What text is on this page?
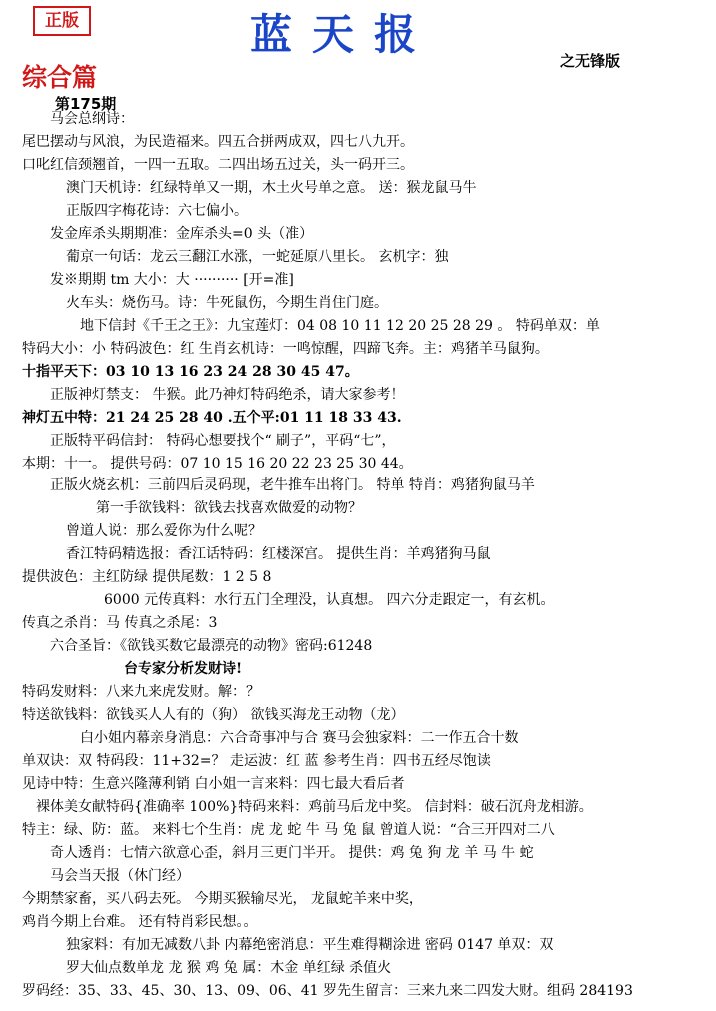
正版	蓝天报
之无锋版
综合篇
第175期
马会总纲诗：
尾巴摆动与风浪，为民造福来。四五合拼两成双，四七八九开。
口叱红信颈翘首，一四一五取。二四出场五过关，头一码开三。
澳门天机诗：红绿特单又一期，木土火号单之意。 送：猴龙鼠马牛
正版四字梅花诗：六七偏小。
发金库杀头期期准：金库杀头=0 头（准）
葡京一句话：龙云三翻江水涨，一蛇延原八里长。 玄机字：独
发※期期 tm 大小：大 ·········· [开=准]
火车头：烧伤马。诗：牛死鼠伤，今期生肖住门庭。
地下信封《千王之王》：九宝莲灯：04 08 10 11 12 20 25 28 29 。 特码单双：单
特码大小：小 特码波色：红 生肖玄机诗：一鸣惊醒，四蹄飞奔。主：鸡猪羊马鼠狗。
十指平天下：03 10 13 16 23 24 28 30 45 47。
正版神灯禁支： 牛猴。此乃神灯特码绝杀，请大家参考！
神灯五中特：21 24 25 28 40 .五个平:01 11 18 33 43.
正版特平码信封： 特码心想要找个“ 刷子”，平码“七”，
本期：十一。 提供号码：07 10 15 16 20 22 23 25 30 44。
正版火烧玄机：三前四后灵码现，老牛推车出将门。 特单 特肖：鸡猪狗鼠马羊
第一手欲钱料：欲钱去找喜欢做爱的动物？
曾道人说：那么爱你为什么呢？
香江特码精选报：香江话特码：红楼深宫。 提供生肖：羊鸡猪狗马鼠
提供波色：主红防绿 提供尾数：1 2 5 8
6000 元传真料：水行五门全理没，认真想。 四六分走跟定一，有玄机。
传真之杀肖：马 传真之杀尾：3
六合圣旨：《欲钱买数它最漂亮的动物》密码:61248
台专家分析发财诗!
特码发财料：八来九来虎发财。解：？
特送欲钱料：欲钱买人人有的（狗） 欲钱买海龙王动物（龙）
白小姐内幕亲身消息：六合奇事冲与合 赛马会独家料：二一作五合十数
单双诀：双 特码段：11+32=？ 走运波：红 蓝 参考生肖：四书五经尽饱读
见诗中特：生意兴隆薄利销 白小姐一言来料：四七最大看后者
裸体美女献特码{准确率 100%}特码来料：鸡前马后龙中奖。 信封料：破石沉舟龙相游。
特主：绿、防：蓝。 来料七个生肖：虎 龙 蛇 牛 马 兔 鼠 曾道人说：“合三开四对二八
奇人透肖：七情六欲意心歪，斜月三更门半开。 提供：鸡 兔 狗 龙 羊 马 牛 蛇
马会当天报（休门经）
今期禁家畜，买八码去死。 今期买猴输尽光， 龙鼠蛇羊来中奖，
鸡肖今期上台难。 还有特肖彩民想。。
独家料：有加无减数八卦 内幕绝密消息：平生难得糊涂进 密码 0147 单双：双
罗大仙点数单龙 龙 猴 鸡 兔 属：木金 单红绿 杀值火
罗码经：35、33、45、30、13、09、06、41 罗先生留言：三来九来二四发大财。组码 284193
